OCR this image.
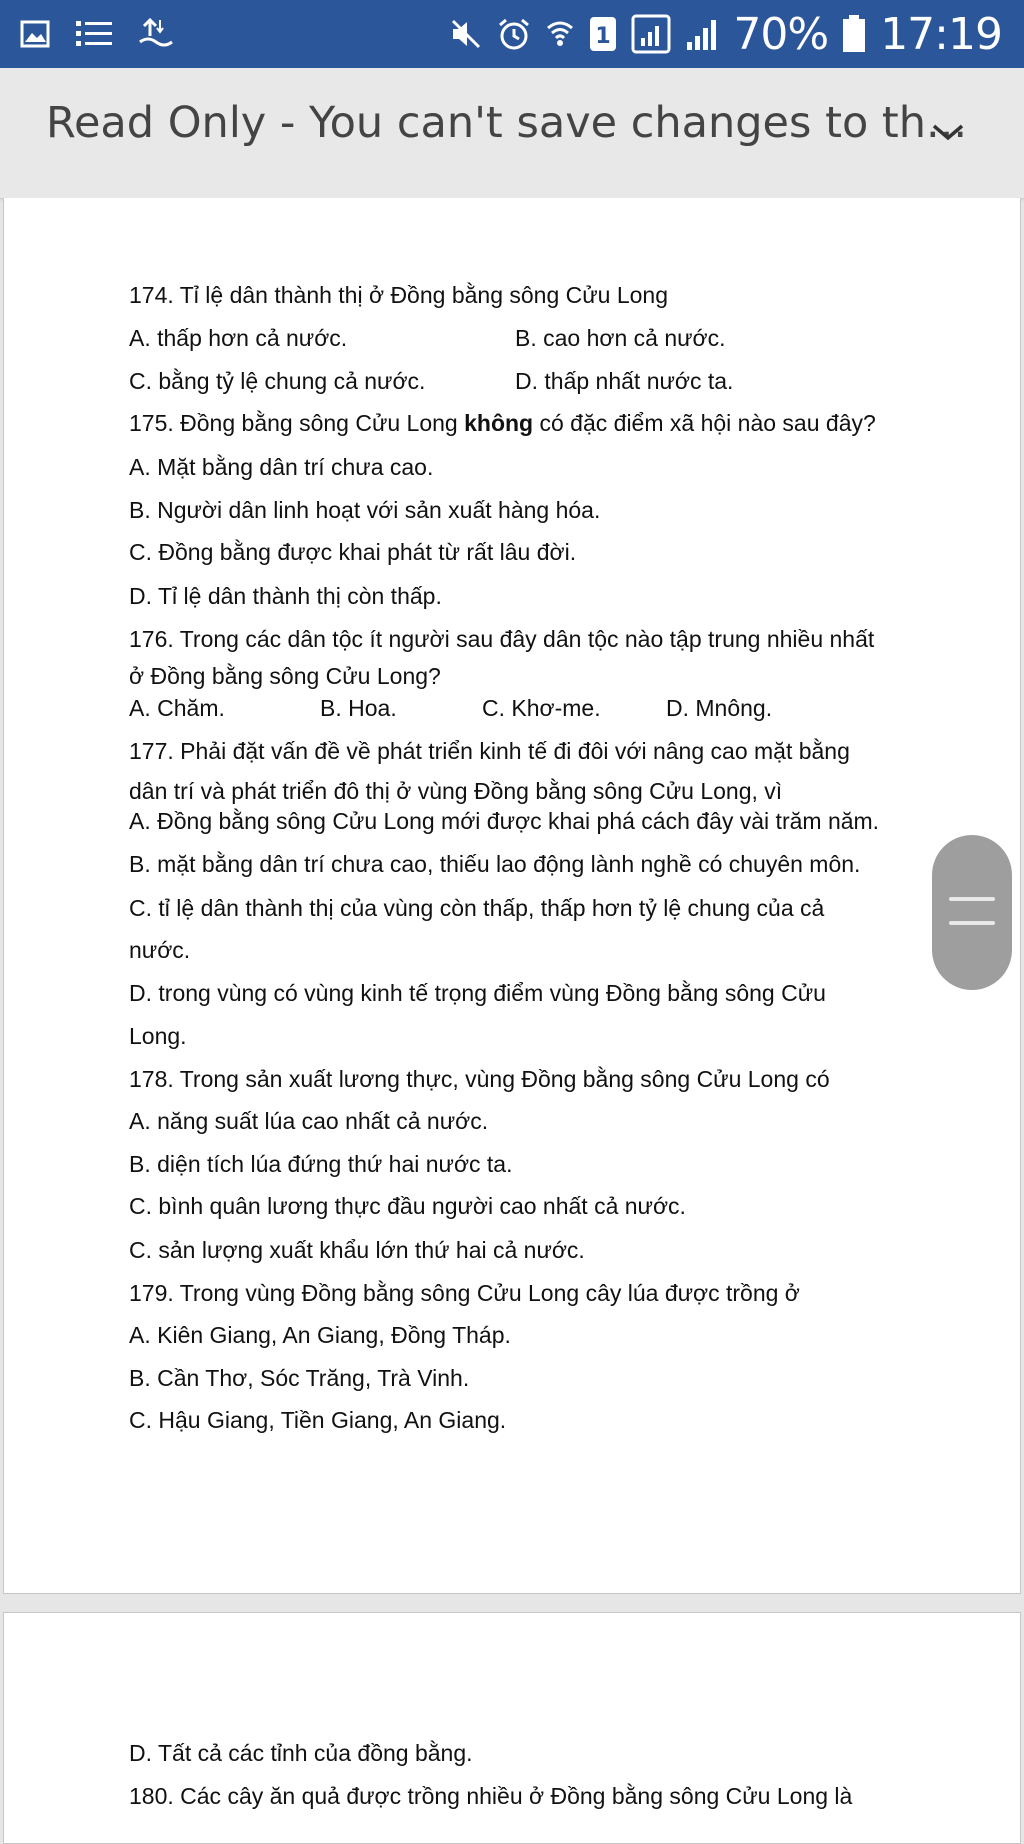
1	70% 17:19
Read Only - You can't save changes to th...
174. Tỉ lệ dân thành thị ở Đồng bằng sông Cửu Long
A. thấp hơn cả nước.	B. cao hơn cả nước.
C. bằng tỷ lệ chung cả nước.	D. thấp nhất nước ta.
175. Đồng bằng sông Cửu Long không có đặc điểm xã hội nào sau đây?
A. Mặt bằng dân trí chưa cao.
B. Người dân linh hoạt với sản xuất hàng hóa.
C. Đồng bằng được khai phát từ rất lâu đời.
D. Tỉ lệ dân thành thị còn thấp.
176. Trong các dân tộc ít người sau đây dân tộc nào tập trung nhiều nhất
ở Đồng bằng sông Cửu Long?
A. Chăm.	B. Hoa.	C. Khơ-me.	D. Mnông.
177. Phải đặt vấn đề về phát triển kinh tế đi đôi với nâng cao mặt bằng
dân trí và phát triển đô thị ở vùng Đồng bằng sông Cửu Long, vì
A. Đồng bằng sông Cửu Long mới được khai phá cách đây vài trăm năm.
B. mặt bằng dân trí chưa cao, thiếu lao động lành nghề có chuyên môn.
C. tỉ lệ dân thành thị của vùng còn thấp, thấp hơn tỷ lệ chung của cả
nước.
D. trong vùng có vùng kinh tế trọng điểm vùng Đồng bằng sông Cửu
Long.
178. Trong sản xuất lương thực, vùng Đồng bằng sông Cửu Long có
A. năng suất lúa cao nhất cả nước.
B. diện tích lúa đứng thứ hai nước ta.
C. bình quân lương thực đầu người cao nhất cả nước.
C. sản lượng xuất khẩu lớn thứ hai cả nước.
179. Trong vùng Đồng bằng sông Cửu Long cây lúa được trồng ở
A. Kiên Giang, An Giang, Đồng Tháp.
B. Cần Thơ, Sóc Trăng, Trà Vinh.
C. Hậu Giang, Tiền Giang, An Giang.
D. Tất cả các tỉnh của đồng bằng.
180. Các cây ăn quả được trồng nhiều ở Đồng bằng sông Cửu Long là
